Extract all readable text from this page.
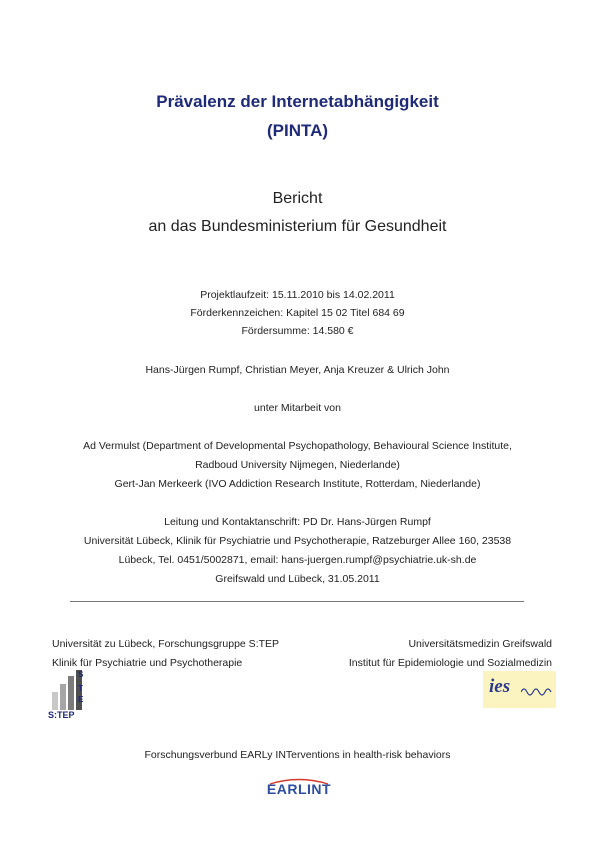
Prävalenz der Internetabhängigkeit
(PINTA)
Bericht
an das Bundesministerium für Gesundheit
Projektlaufzeit: 15.11.2010 bis 14.02.2011
Förderkennzeichen: Kapitel 15 02 Titel 684 69
Fördersumme: 14.580 €
Hans-Jürgen Rumpf, Christian Meyer, Anja Kreuzer & Ulrich John
unter Mitarbeit von
Ad Vermulst (Department of Developmental Psychopathology, Behavioural Science Institute,
Radboud University Nijmegen, Niederlande)
Gert-Jan Merkeerk (IVO Addiction Research Institute, Rotterdam, Niederlande)
Leitung und Kontaktanschrift: PD Dr. Hans-Jürgen Rumpf
Universität Lübeck, Klinik für Psychiatrie und Psychotherapie, Ratzeburger Allee 160, 23538
Lübeck, Tel. 0451/5002871, email: hans-juergen.rumpf@psychiatrie.uk-sh.de
Greifswald und Lübeck, 31.05.2011
Universität zu Lübeck, Forschungsgruppe S:TEP
Klinik für Psychiatrie und Psychotherapie
Universitätsmedizin Greifswald
Institut für Epidemiologie und Sozialmedizin
S
T
E
S:TEP
ies
Forschungsverbund EARLy INTerventions in health-risk behaviors
EARLINT
